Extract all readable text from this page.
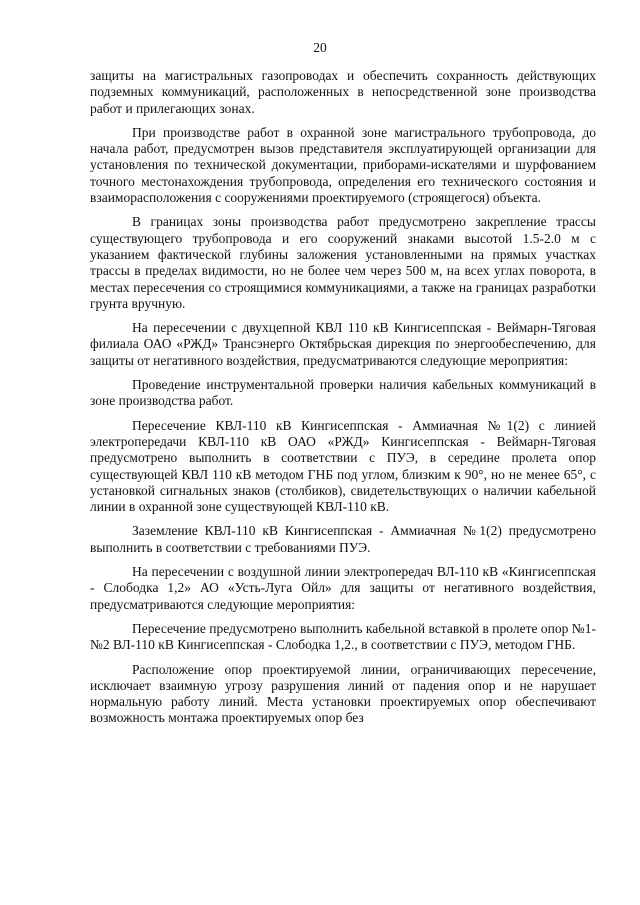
20

защиты на магистральных газопроводах и обеспечить сохранность действующих подземных коммуникаций, расположенных в непосредственной зоне производства работ и прилегающих зонах.

При производстве работ в охранной зоне магистрального трубопровода, до начала работ, предусмотрен вызов представителя эксплуатирующей организации для установления по технической документации, приборами-искателями и шурфованием точного местонахождения трубопровода, определения его технического состояния и взаиморасположения с сооружениями проектируемого (строящегося) объекта.

В границах зоны производства работ предусмотрено закрепление трассы существующего трубопровода и его сооружений знаками высотой 1.5-2.0 м с указанием фактической глубины заложения установленными на прямых участках трассы в пределах видимости, но не более чем через 500 м, на всех углах поворота, в местах пересечения со строящимися коммуникациями, а также на границах разработки грунта вручную.

На пересечении с двухцепной КВЛ 110 кВ Кингисеппская - Веймарн-Тяговая филиала ОАО «РЖД» Трансэнерго Октябрьская дирекция по энергообеспечению, для защиты от негативного воздействия, предусматриваются следующие мероприятия:

Проведение инструментальной проверки наличия кабельных коммуникаций в зоне производства работ.

Пересечение КВЛ-110 кВ Кингисеппская - Аммиачная №1(2) с линией электропередачи КВЛ-110 кВ ОАО «РЖД» Кингисеппская - Веймарн-Тяговая предусмотрено выполнить в соответствии с ПУЭ, в середине пролета опор существующей КВЛ 110 кВ методом ГНБ под углом, близким к 90°, но не менее 65°, с установкой сигнальных знаков (столбиков), свидетельствующих о наличии кабельной линии в охранной зоне существующей КВЛ-110 кВ.

Заземление КВЛ-110 кВ Кингисеппская - Аммиачная №1(2) предусмотрено выполнить в соответствии с требованиями ПУЭ.

На пересечении с воздушной линии электропередач ВЛ-110 кВ «Кингисеппская - Слободка 1,2» АО «Усть-Луга Ойл» для защиты от негативного воздействия, предусматриваются следующие мероприятия:

Пересечение предусмотрено выполнить кабельной вставкой в пролете опор №1- №2 ВЛ-110 кВ Кингисеппская - Слободка 1,2., в соответствии с ПУЭ, методом ГНБ.

Расположение опор проектируемой линии, ограничивающих пересечение, исключает взаимную угрозу разрушения линий от падения опор и не нарушает нормальную работу линий. Места установки проектируемых опор обеспечивают возможность монтажа проектируемых опор без
